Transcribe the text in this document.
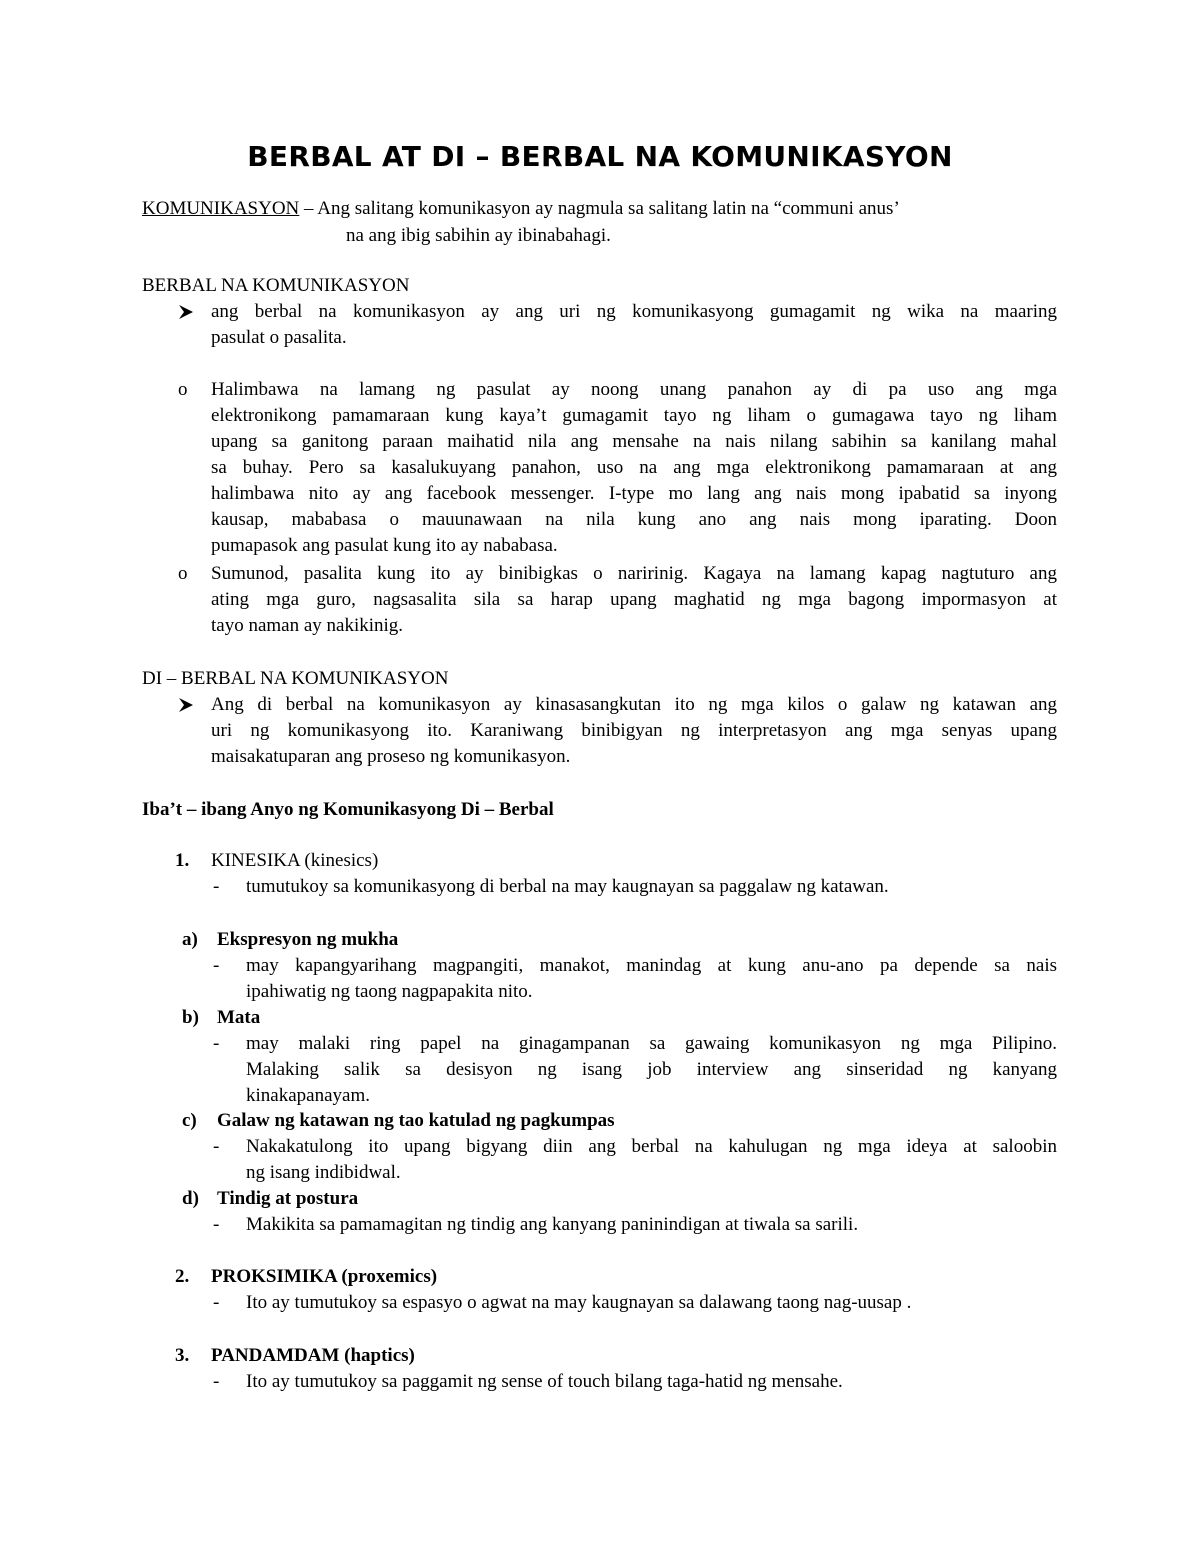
BERBAL AT DI – BERBAL NA KOMUNIKASYON
KOMUNIKASYON – Ang salitang komunikasyon ay nagmula sa salitang latin na “communi anus’
na ang ibig sabihin ay ibinabahagi.
BERBAL NA KOMUNIKASYON
ang berbal na komunikasyon ay ang uri ng komunikasyong gumagamit ng wika na maaring
pasulat o pasalita.
o Halimbawa na lamang ng pasulat ay noong unang panahon ay di pa uso ang mga
elektronikong pamamaraan kung kaya’t gumagamit tayo ng liham o gumagawa tayo ng liham
upang sa ganitong paraan maihatid nila ang mensahe na nais nilang sabihin sa kanilang mahal
sa buhay. Pero sa kasalukuyang panahon, uso na ang mga elektronikong pamamaraan at ang
halimbawa nito ay ang facebook messenger. I-type mo lang ang nais mong ipabatid sa inyong
kausap, mababasa o mauunawaan na nila kung ano ang nais mong iparating. Doon
pumapasok ang pasulat kung ito ay nababasa.
o Sumunod, pasalita kung ito ay binibigkas o naririnig. Kagaya na lamang kapag nagtuturo ang
ating mga guro, nagsasalita sila sa harap upang maghatid ng mga bagong impormasyon at
tayo naman ay nakikinig.
DI – BERBAL NA KOMUNIKASYON
Ang di berbal na komunikasyon ay kinasasangkutan ito ng mga kilos o galaw ng katawan ang
uri ng komunikasyong ito. Karaniwang binibigyan ng interpretasyon ang mga senyas upang
maisakatuparan ang proseso ng komunikasyon.
Iba’t – ibang Anyo ng Komunikasyong Di – Berbal
1. KINESIKA (kinesics)
- tumutukoy sa komunikasyong di berbal na may kaugnayan sa paggalaw ng katawan.
a) Ekspresyon ng mukha
- may kapangyarihang magpangiti, manakot, manindag at kung anu-ano pa depende sa nais
ipahiwatig ng taong nagpapakita nito.
b) Mata
- may malaki ring papel na ginagampanan sa gawaing komunikasyon ng mga Pilipino.
Malaking salik sa desisyon ng isang job interview ang sinseridad ng kanyang
kinakapanayam.
c) Galaw ng katawan ng tao katulad ng pagkumpas
- Nakakatulong ito upang bigyang diin ang berbal na kahulugan ng mga ideya at saloobin
ng isang indibidwal.
d) Tindig at postura
- Makikita sa pamamagitan ng tindig ang kanyang paninindigan at tiwala sa sarili.
2. PROKSIMIKA (proxemics)
- Ito ay tumutukoy sa espasyo o agwat na may kaugnayan sa dalawang taong nag-uusap .
3. PANDAMDAM (haptics)
- Ito ay tumutukoy sa paggamit ng sense of touch bilang taga-hatid ng mensahe.
